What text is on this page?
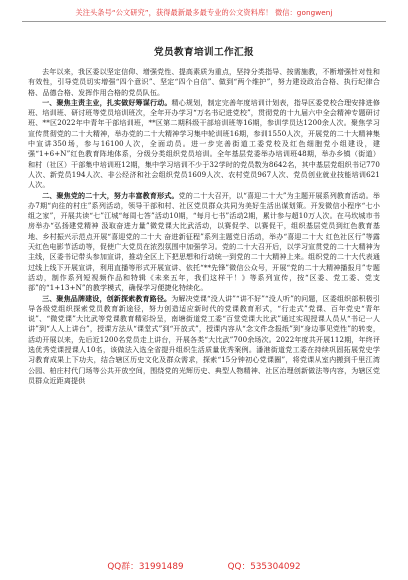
关注头条号“公文研究”，获得最新最多最专业的公文资料库！ 微信：gongwenj
党员教育培训工作汇报

去年以来，我区委以坚定信仰、增强党性、提高素质为重点，坚持分类指导、按需施教，不断增强针对性和有效性，引导党员切实增强“四个意识”、坚定“四个自信”、做到“两个维护”，努力建设政治合格、执行纪律合格、品德合格、发挥作用合格的党员队伍。

一、聚焦主责主业，扎实做好筹谋行动。精心规划，制定完善年度培训计划表，指导区委党校合理安排进修班、培训班、研讨班等党员培训班次，全年开办学习“万名书记进党校”，贯彻党的十九届六中全会精神专题研讨班、**区2022年中青年干部培训班，**区第二期科级干部培训班等16期，参训学员达1200余人次。聚焦学习宣传贯彻党的二十大精神，举办党的二十大精神学习集中轮训班16期，参训1550人次，开展党的二十大精神集中宣讲350场，参与16100人次，全面动员。进一步完善街道工委党校及红色细胞党小组建设，建强“1+6+N”红色教育阵地体系，分级分类组织党员培训。全年基层党委举办培训班48期，举办乡镇（街道）和村（社区）干部集中培训班12期，集中学习培训不少于32学时的党员数为8642名，其中基层党组织书记770人次、新党员194人次、非公经济和社会组织党员1609人次、农村党员967人次、党员创业就业技能培训621人次。

二、聚焦党的二十大，努力丰富教育形式。党的二十大召开，以“喜迎二十大”为主题开展系列教育活动。举办7期“向往的村庄”系列活动，领导干部和村、社区党员群众共同为美好生活出谋划策。开发微信小程序“七小组之家”，开展共读“七”江城“每周七答”活动10期，“每月七书”活动2期，累计参与超10万人次。在马坎城市书房举办“弘扬建党精神 汲取奋进力量”微党课大比武活动，以赛促学、以赛促干，组织基层党员到红色教育基地、乡村振兴示范点开展“喜迎党的二十大 奋进新征程”系列主题党日活动，举办“喜迎二十大 红色社区行”等露天红色电影节活动等，促使广大党员在浓烈氛围中加强学习。党的二十大召开后，以学习宣贯党的二十大精神为主线，区委书记带头参加宣讲，推动全区上下把思想和行动统一到党的二十大精神上来。组织党的二十大代表通过线上线下开展宣讲，利用直播等形式开展宣讲、依托“**先锋”微信公众号，开展“党的二十大精神播报月”专题活动，制作系列短视频作品和特辑《未来五年，我们这样干！》等系列宣传，按“区委、党工委、党支部”的“1+13+N”的教学模式，确保学习便捷化特续化。

三、聚焦品牌建设，创新探索教育路径。为解决党课“没人讲”“讲不好”“没人听”的问题，区委组织部积极引导各级党组织探索党员教育新途径，努力创造适应新时代的党课教育形式，“行走式”党课、百年党史“青年说”、“微党课”大比武等党课教育精彩纷呈，南塘街道党工委“百堂党课大比武”通过实现授课人员从“书记一人讲”到“人人上讲台”，授课方法从“课堂式”到“开放式”，授课内容从“念文件念报纸”到“身边事见党性”的转变，活动开展以来，先后近1200名党员走上讲台，开展各类“大比武”700余场次。2022年度共开展112期，年终评选优秀党课授课人10名，该做法入选全省提升组织生活质量优秀案例。潘港街道党工委在持续巩固拓展党史学习教育成果上下功夫，结合辖区历史文化及群众需求，探索“15分钟初心党课圈”，将党课从室内搬到千里江湾公园、柏庄村代门场等公共开放空间，围绕党的光辉历史、典型人物精神、社区治理创新做法等内容，为辖区党员群众近距离提供

QQ群：31991489	QQ：535304092
